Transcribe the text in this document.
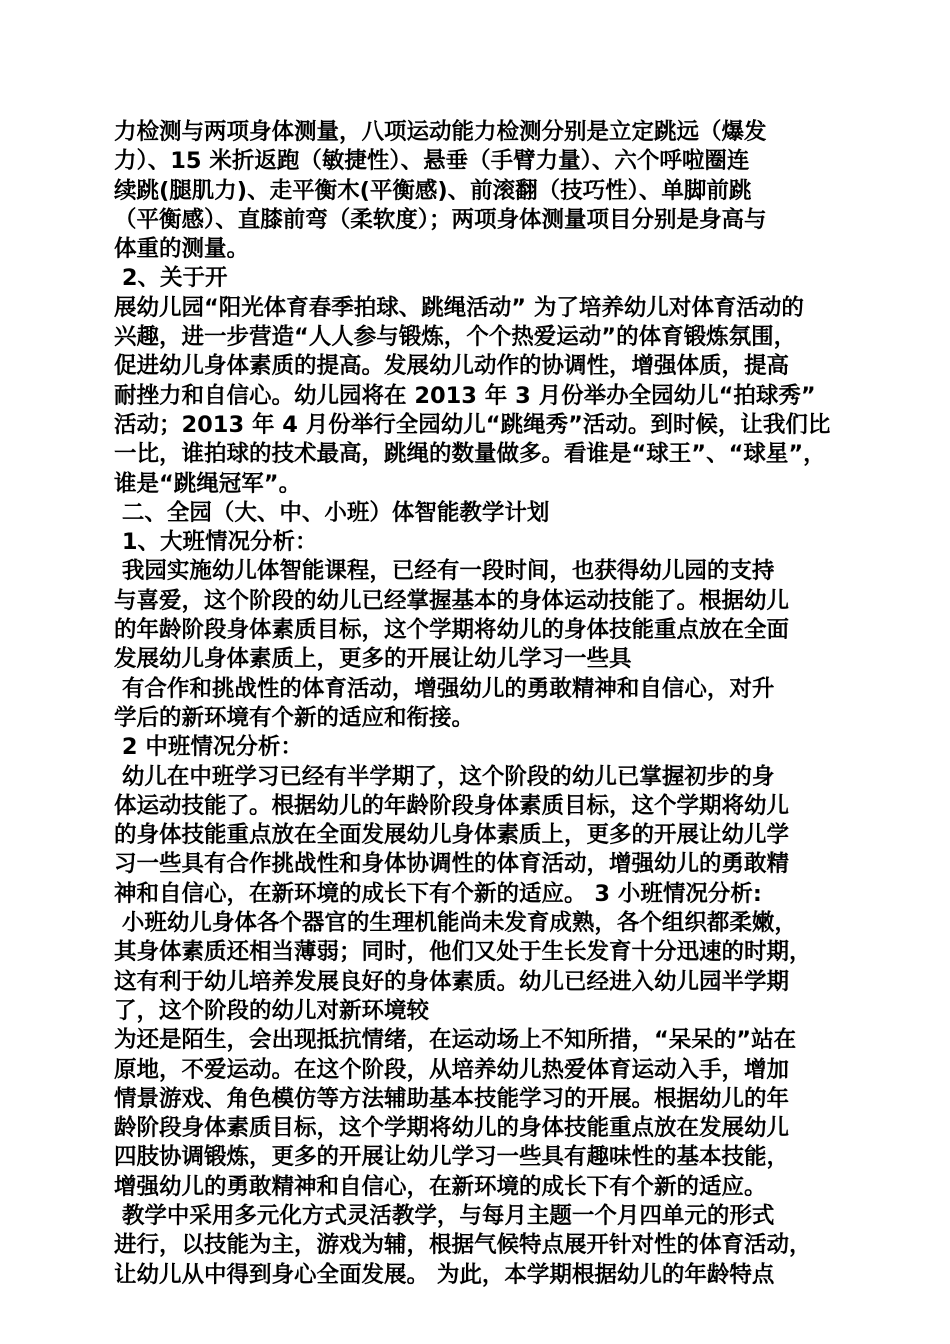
力检测与两项身体测量，八项运动能力检测分别是立定跳远（爆发
力）、15 米折返跑（敏捷性）、悬垂（手臂力量）、六个呼啦圈连
续跳(腿肌力)、走平衡木(平衡感)、前滚翻（技巧性）、单脚前跳
（平衡感）、直膝前弯（柔软度）；两项身体测量项目分别是身高与
体重的测量。
2、关于开
展幼儿园“阳光体育春季拍球、跳绳活动” 为了培养幼儿对体育活动的
兴趣，进一步营造“人人参与锻炼，个个热爱运动”的体育锻炼氛围，
促进幼儿身体素质的提高。发展幼儿动作的协调性，增强体质，提高
耐挫力和自信心。幼儿园将在 2013 年 3 月份举办全园幼儿“拍球秀”
活动；2013 年 4 月份举行全园幼儿“跳绳秀”活动。到时候，让我们比
一比，谁拍球的技术最高，跳绳的数量做多。看谁是“球王”、“球星”，
谁是“跳绳冠军”。
二、全园（大、中、小班）体智能教学计划
1、大班情况分析：
我园实施幼儿体智能课程，已经有一段时间，也获得幼儿园的支持
与喜爱，这个阶段的幼儿已经掌握基本的身体运动技能了。根据幼儿
的年龄阶段身体素质目标，这个学期将幼儿的身体技能重点放在全面
发展幼儿身体素质上，更多的开展让幼儿学习一些具
有合作和挑战性的体育活动，增强幼儿的勇敢精神和自信心，对升
学后的新环境有个新的适应和衔接。
2 中班情况分析：
幼儿在中班学习已经有半学期了，这个阶段的幼儿已掌握初步的身
体运动技能了。根据幼儿的年龄阶段身体素质目标，这个学期将幼儿
的身体技能重点放在全面发展幼儿身体素质上，更多的开展让幼儿学
习一些具有合作挑战性和身体协调性的体育活动，增强幼儿的勇敢精
神和自信心，在新环境的成长下有个新的适应。 3 小班情况分析:
小班幼儿身体各个器官的生理机能尚未发育成熟，各个组织都柔嫩，
其身体素质还相当薄弱；同时，他们又处于生长发育十分迅速的时期，
这有利于幼儿培养发展良好的身体素质。幼儿已经进入幼儿园半学期
了，这个阶段的幼儿对新环境较
为还是陌生，会出现抵抗情绪，在运动场上不知所措，“呆呆的”站在
原地，不爱运动。在这个阶段，从培养幼儿热爱体育运动入手，增加
情景游戏、角色模仿等方法辅助基本技能学习的开展。根据幼儿的年
龄阶段身体素质目标，这个学期将幼儿的身体技能重点放在发展幼儿
四肢协调锻炼，更多的开展让幼儿学习一些具有趣味性的基本技能，
增强幼儿的勇敢精神和自信心，在新环境的成长下有个新的适应。
教学中采用多元化方式灵活教学，与每月主题一个月四单元的形式
进行，以技能为主，游戏为辅，根据气候特点展开针对性的体育活动，
让幼儿从中得到身心全面发展。 为此，本学期根据幼儿的年龄特点
